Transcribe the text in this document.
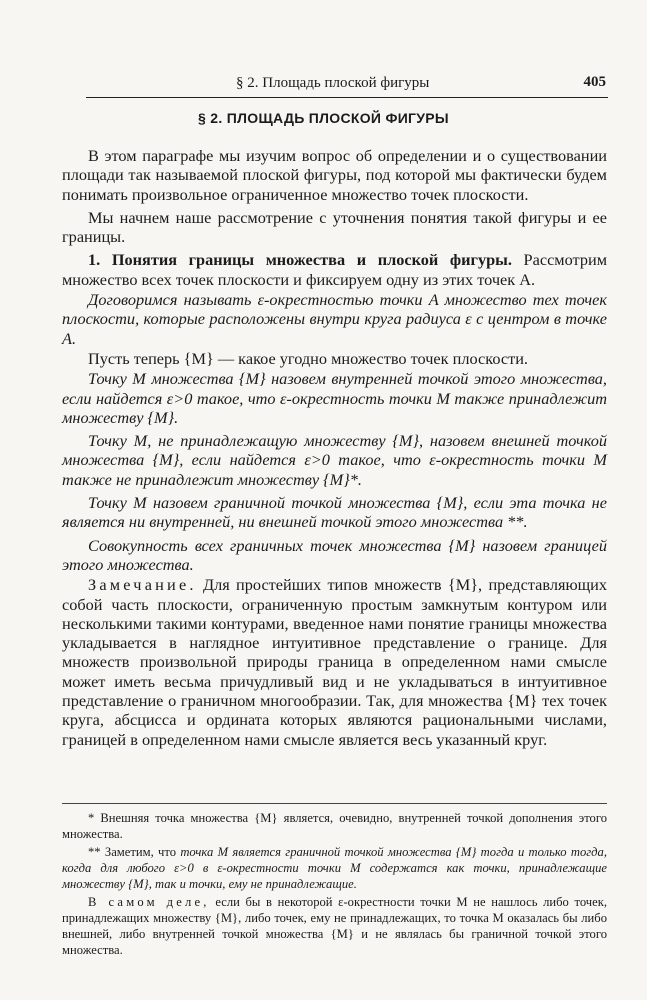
§ 2. Площадь плоской фигуры	405
§ 2. ПЛОЩАДЬ ПЛОСКОЙ ФИГУРЫ

В этом параграфе мы изучим вопрос об определении и о существовании площади так называемой плоской фигуры, под которой мы фактически будем понимать произвольное ограниченное множество точек плоскости.

Мы начнем наше рассмотрение с уточнения понятия такой фигуры и ее границы.

1. Понятия границы множества и плоской фигуры. Рассмотрим множество всех точек плоскости и фиксируем одну из этих точек A.

Договоримся называть ε-окрестностью точки A множество тех точек плоскости, которые расположены внутри круга радиуса ε с центром в точке A.

Пусть теперь {M} — какое угодно множество точек плоскости.

Точку M множества {M} назовем внутренней точкой этого множества, если найдется ε>0 такое, что ε-окрестность точки M также принадлежит множеству {M}.

Точку M, не принадлежащую множеству {M}, назовем внешней точкой множества {M}, если найдется ε>0 такое, что ε-окрестность точки M также не принадлежит множеству {M}*.

Точку M назовем граничной точкой множества {M}, если эта точка не является ни внутренней, ни внешней точкой этого множества **.

Совокупность всех граничных точек множества {M} назовем границей этого множества.

Замечание. Для простейших типов множеств {M}, представляющих собой часть плоскости, ограниченную простым замкнутым контуром или несколькими такими контурами, введенное нами понятие границы множества укладывается в наглядное интуитивное представление о границе. Для множеств произвольной природы граница в определенном нами смысле может иметь весьма причудливый вид и не укладываться в интуитивное представление о граничном многообразии. Так, для множества {M} тех точек круга, абсцисса и ордината которых являются рациональными числами, границей в определенном нами смысле является весь указанный круг.

* Внешняя точка множества {M} является, очевидно, внутренней точкой дополнения этого множества.

** Заметим, что точка M является граничной точкой множества {M} тогда и только тогда, когда для любого ε>0 в ε-окрестности точки M содержатся как точки, принадлежащие множеству {M}, так и точки, ему не принадлежащие.

В самом деле, если бы в некоторой ε-окрестности точки M не нашлось либо точек, принадлежащих множеству {M}, либо точек, ему не принадлежащих, то точка M оказалась бы либо внешней, либо внутренней точкой множества {M} и не являлась бы граничной точкой этого множества.
